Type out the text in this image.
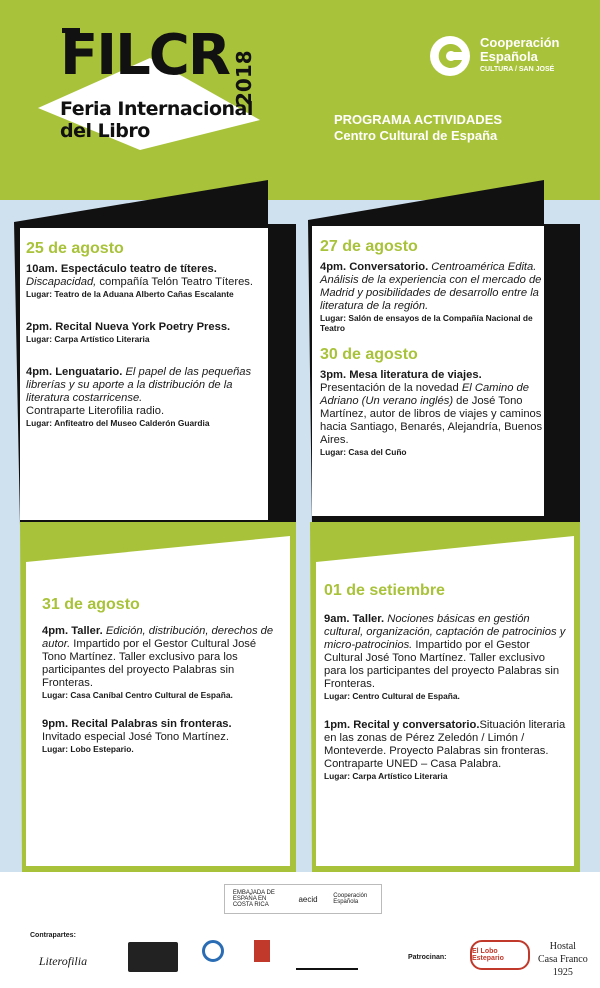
FILCR 2018
Feria Internacional
del Libro
Cooperación
Española
CULTURA / SAN JOSÉ
PROGRAMA ACTIVIDADES
Centro Cultural de España
25 de agosto
10am. Espectáculo teatro de títeres.
Discapacidad, compañía Telón Teatro Títeres.
Lugar: Teatro de la Aduana Alberto Cañas Escalante
2pm. Recital Nueva York Poetry Press.
Lugar: Carpa Artístico Literaria
4pm. Lenguatario. El papel de las pequeñas librerías y su aporte a la distribución de la literatura costarricense.
Contraparte Literofilia radio.
Lugar: Anfiteatro del Museo Calderón Guardia
27 de agosto
4pm. Conversatorio. Centroamérica Edita. Análisis de la experiencia con el mercado de Madrid y posibilidades de desarrollo entre la literatura de la región.
Lugar: Salón de ensayos de la Compañía Nacional de Teatro
30 de agosto
3pm. Mesa literatura de viajes.
Presentación de la novedad El Camino de Adriano (Un verano inglés) de José Tono Martínez, autor de libros de viajes y caminos hacia Santiago, Benarés, Alejandría, Buenos Aires.
Lugar: Casa del Cuño
31 de agosto
4pm. Taller. Edición, distribución, derechos de autor. Impartido por el Gestor Cultural José Tono Martínez. Taller exclusivo para los participantes del proyecto Palabras sin Fronteras.
Lugar: Casa Caníbal Centro Cultural de España.
9pm. Recital Palabras sin fronteras.
Invitado especial José Tono Martínez.
Lugar: Lobo Estepario.
01 de setiembre
9am. Taller. Nociones básicas en gestión cultural, organización, captación de patrocinios y micro-patrocinios. Impartido por el Gestor Cultural José Tono Martínez. Taller exclusivo para los participantes del proyecto Palabras sin Fronteras.
Lugar: Centro Cultural de España.
1pm. Recital y conversatorio.Situación literaria en las zonas de Pérez Zeledón / Limón / Monteverde. Proyecto Palabras sin fronteras. Contraparte UNED – Casa Palabra.
Lugar: Carpa Artístico Literaria
EMBAJADA DE ESPAÑA EN COSTA RICA
aecid	Cooperación Española
Contrapartes:
Literofilia	Patrocinan:
El Lobo Estepario
Hostal
Casa Franco
1925
